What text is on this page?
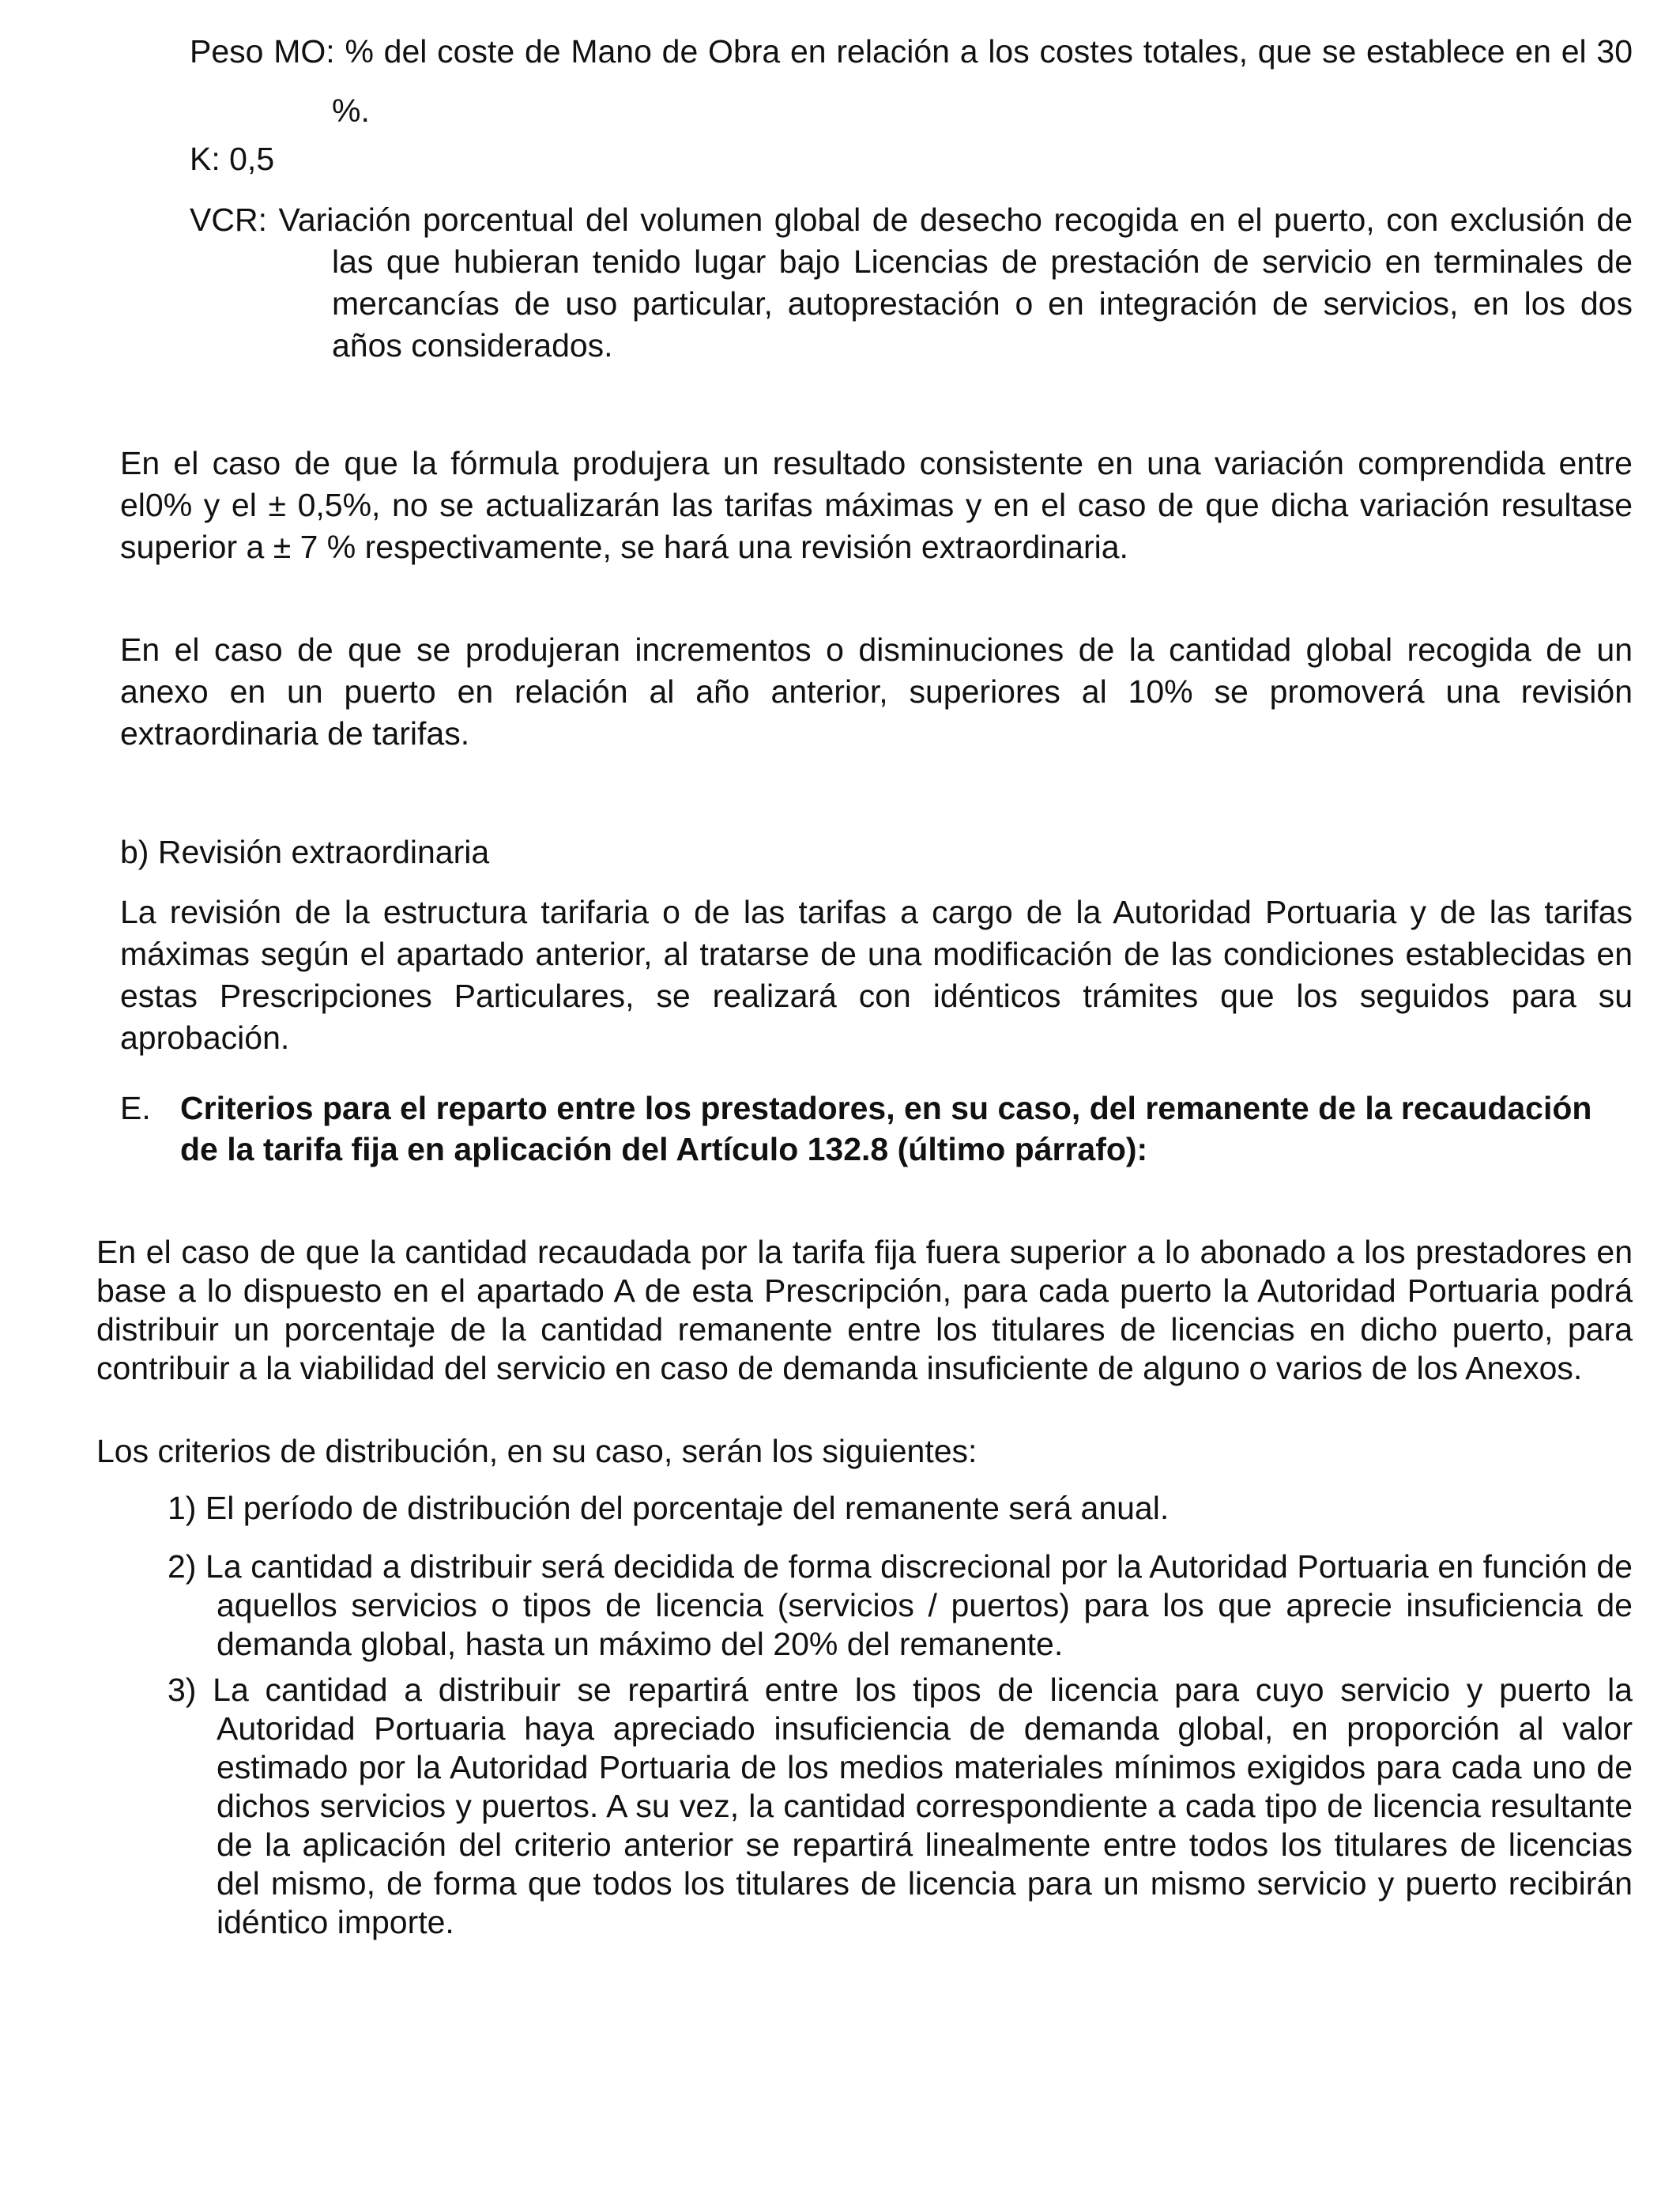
Peso MO: % del coste de Mano de Obra en relación a los costes totales, que se establece en el 30 %.

K: 0,5

VCR: Variación porcentual del volumen global de desecho recogida en el puerto, con exclusión de las que hubieran tenido lugar bajo Licencias de prestación de servicio en terminales de mercancías de uso particular, autoprestación o en integración de servicios, en los dos años considerados.

En el caso de que la fórmula produjera un resultado consistente en una variación comprendida entre el0% y el ± 0,5%, no se actualizarán las tarifas máximas y en el caso de que dicha variación resultase superior a ± 7 % respectivamente, se hará una revisión extraordinaria.

En el caso de que se produjeran incrementos o disminuciones de la cantidad global recogida de un anexo en un puerto en relación al año anterior, superiores al 10% se promoverá una revisión extraordinaria de tarifas.

b) Revisión extraordinaria

La revisión de la estructura tarifaria o de las tarifas a cargo de la Autoridad Portuaria y de las tarifas máximas según el apartado anterior, al tratarse de una modificación de las condiciones establecidas en estas Prescripciones Particulares, se realizará con idénticos trámites que los seguidos para su aprobación.

E. Criterios para el reparto entre los prestadores, en su caso, del remanente de la recaudación de la tarifa fija en aplicación del Artículo 132.8 (último párrafo):

En el caso de que la cantidad recaudada por la tarifa fija fuera superior a lo abonado a los prestadores en base a lo dispuesto en el apartado A de esta Prescripción, para cada puerto la Autoridad Portuaria podrá distribuir un porcentaje de la cantidad remanente entre los titulares de licencias en dicho puerto, para contribuir a la viabilidad del servicio en caso de demanda insuficiente de alguno o varios de los Anexos.

Los criterios de distribución, en su caso, serán los siguientes:

1) El período de distribución del porcentaje del remanente será anual.

2) La cantidad a distribuir será decidida de forma discrecional por la Autoridad Portuaria en función de aquellos servicios o tipos de licencia (servicios / puertos) para los que aprecie insuficiencia de demanda global, hasta un máximo del 20% del remanente.

3) La cantidad a distribuir se repartirá entre los tipos de licencia para cuyo servicio y puerto la Autoridad Portuaria haya apreciado insuficiencia de demanda global, en proporción al valor estimado por la Autoridad Portuaria de los medios materiales mínimos exigidos para cada uno de dichos servicios y puertos. A su vez, la cantidad correspondiente a cada tipo de licencia resultante de la aplicación del criterio anterior se repartirá linealmente entre todos los titulares de licencias del mismo, de forma que todos los titulares de licencia para un mismo servicio y puerto recibirán idéntico importe.
